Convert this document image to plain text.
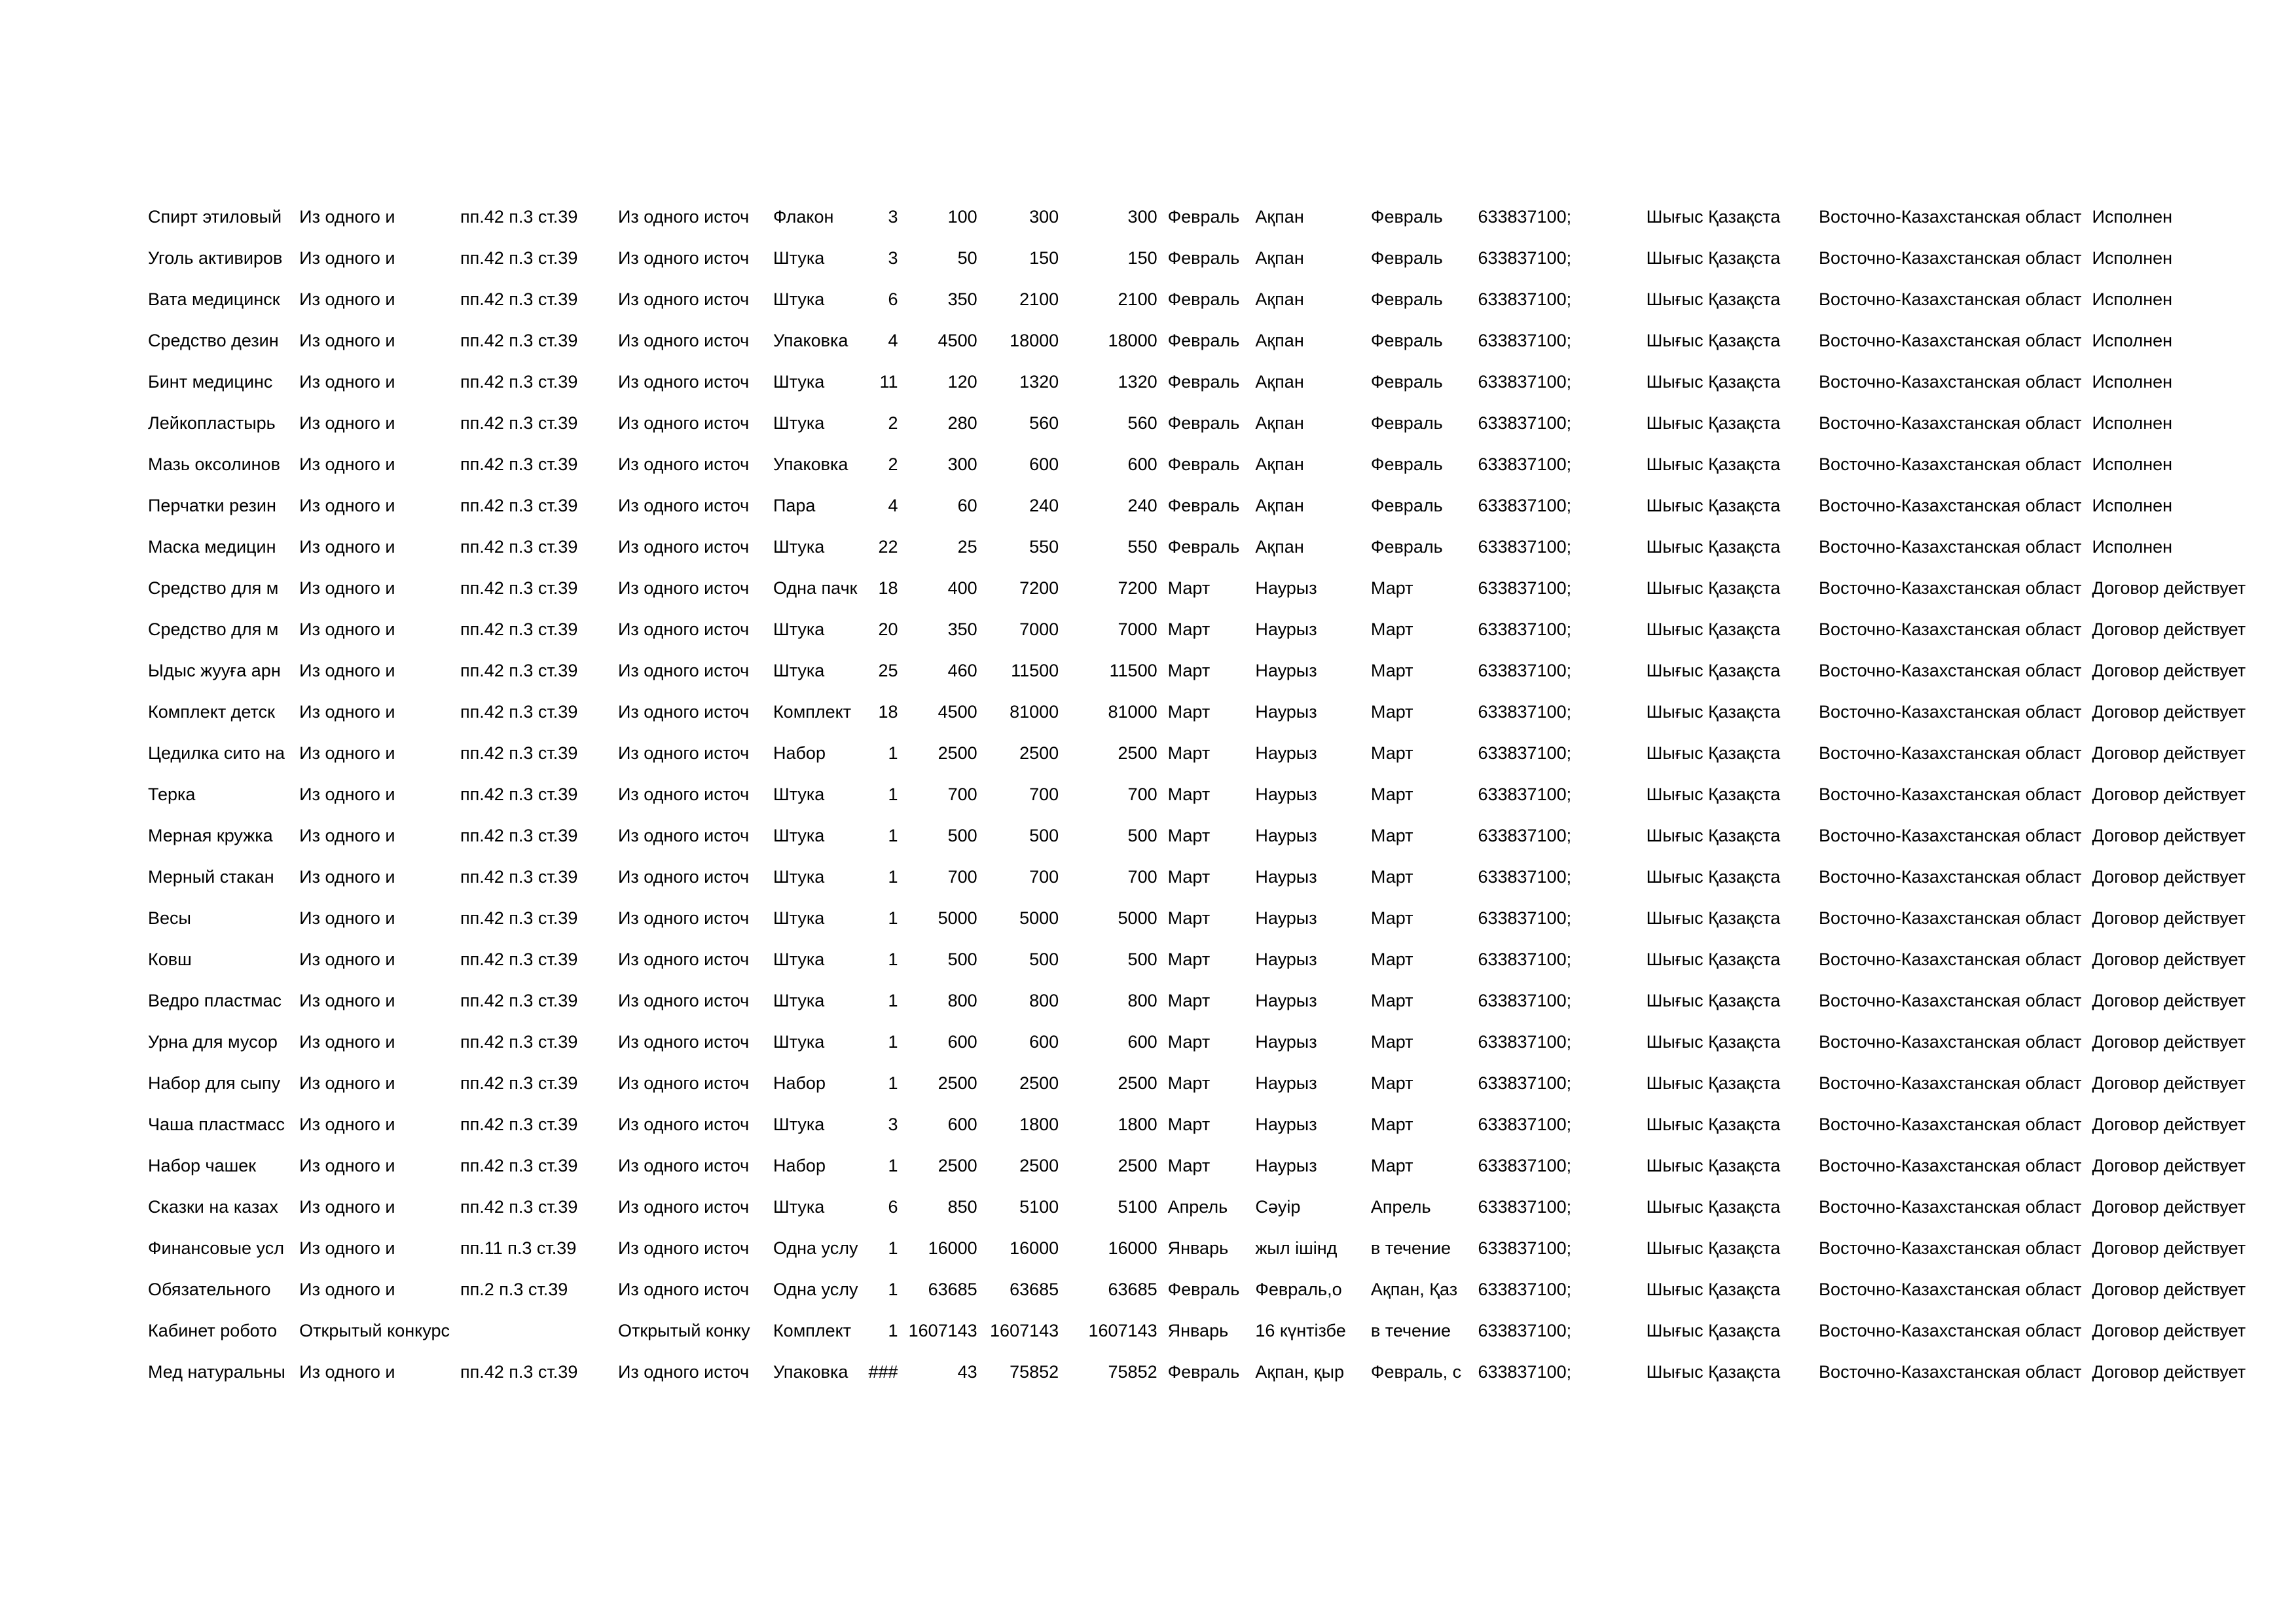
Спирт этиловый	Из одного и	пп.42 п.3 ст.39	Из одного источ	Флакон	3	100	300	300	Февраль	Ақпан	Февраль	633837100;		Шығыс Қазақста	Восточно-Казахстанская област	Исполнен
Уголь активиров	Из одного и	пп.42 п.3 ст.39	Из одного источ	Штука	3	50	150	150	Февраль	Ақпан	Февраль	633837100;		Шығыс Қазақста	Восточно-Казахстанская област	Исполнен
Вата медицинск	Из одного и	пп.42 п.3 ст.39	Из одного источ	Штука	6	350	2100	2100	Февраль	Ақпан	Февраль	633837100;		Шығыс Қазақста	Восточно-Казахстанская област	Исполнен
Средство дезин	Из одного и	пп.42 п.3 ст.39	Из одного источ	Упаковка	4	4500	18000	18000	Февраль	Ақпан	Февраль	633837100;		Шығыс Қазақста	Восточно-Казахстанская област	Исполнен
Бинт медицинс	Из одного и	пп.42 п.3 ст.39	Из одного источ	Штука	11	120	1320	1320	Февраль	Ақпан	Февраль	633837100;		Шығыс Қазақста	Восточно-Казахстанская област	Исполнен
Лейкопластырь	Из одного и	пп.42 п.3 ст.39	Из одного источ	Штука	2	280	560	560	Февраль	Ақпан	Февраль	633837100;		Шығыс Қазақста	Восточно-Казахстанская област	Исполнен
Мазь оксолинов	Из одного и	пп.42 п.3 ст.39	Из одного источ	Упаковка	2	300	600	600	Февраль	Ақпан	Февраль	633837100;		Шығыс Қазақста	Восточно-Казахстанская област	Исполнен
Перчатки резин	Из одного и	пп.42 п.3 ст.39	Из одного источ	Пара	4	60	240	240	Февраль	Ақпан	Февраль	633837100;		Шығыс Қазақста	Восточно-Казахстанская област	Исполнен
Маска медицин	Из одного и	пп.42 п.3 ст.39	Из одного источ	Штука	22	25	550	550	Февраль	Ақпан	Февраль	633837100;		Шығыс Қазақста	Восточно-Казахстанская област	Исполнен
Средство для м	Из одного и	пп.42 п.3 ст.39	Из одного источ	Одна пачк	18	400	7200	7200	Март	Наурыз	Март	633837100;		Шығыс Қазақста	Восточно-Казахстанская област	Договор действует
Средство для м	Из одного и	пп.42 п.3 ст.39	Из одного источ	Штука	20	350	7000	7000	Март	Наурыз	Март	633837100;		Шығыс Қазақста	Восточно-Казахстанская област	Договор действует
Ыдыс жууға арн	Из одного и	пп.42 п.3 ст.39	Из одного источ	Штука	25	460	11500	11500	Март	Наурыз	Март	633837100;		Шығыс Қазақста	Восточно-Казахстанская област	Договор действует
Комплект детск	Из одного и	пп.42 п.3 ст.39	Из одного источ	Комплект	18	4500	81000	81000	Март	Наурыз	Март	633837100;		Шығыс Қазақста	Восточно-Казахстанская област	Договор действует
Цедилка сито на	Из одного и	пп.42 п.3 ст.39	Из одного источ	Набор	1	2500	2500	2500	Март	Наурыз	Март	633837100;		Шығыс Қазақста	Восточно-Казахстанская област	Договор действует
Терка	Из одного и	пп.42 п.3 ст.39	Из одного источ	Штука	1	700	700	700	Март	Наурыз	Март	633837100;		Шығыс Қазақста	Восточно-Казахстанская област	Договор действует
Мерная кружка	Из одного и	пп.42 п.3 ст.39	Из одного источ	Штука	1	500	500	500	Март	Наурыз	Март	633837100;		Шығыс Қазақста	Восточно-Казахстанская област	Договор действует
Мерный стакан	Из одного и	пп.42 п.3 ст.39	Из одного источ	Штука	1	700	700	700	Март	Наурыз	Март	633837100;		Шығыс Қазақста	Восточно-Казахстанская област	Договор действует
Весы	Из одного и	пп.42 п.3 ст.39	Из одного источ	Штука	1	5000	5000	5000	Март	Наурыз	Март	633837100;		Шығыс Қазақста	Восточно-Казахстанская област	Договор действует
Ковш	Из одного и	пп.42 п.3 ст.39	Из одного источ	Штука	1	500	500	500	Март	Наурыз	Март	633837100;		Шығыс Қазақста	Восточно-Казахстанская област	Договор действует
Ведро пластмас	Из одного и	пп.42 п.3 ст.39	Из одного источ	Штука	1	800	800	800	Март	Наурыз	Март	633837100;		Шығыс Қазақста	Восточно-Казахстанская област	Договор действует
Урна для мусор	Из одного и	пп.42 п.3 ст.39	Из одного источ	Штука	1	600	600	600	Март	Наурыз	Март	633837100;		Шығыс Қазақста	Восточно-Казахстанская област	Договор действует
Набор для сыпу	Из одного и	пп.42 п.3 ст.39	Из одного источ	Набор	1	2500	2500	2500	Март	Наурыз	Март	633837100;		Шығыс Қазақста	Восточно-Казахстанская област	Договор действует
Чаша пластмасс	Из одного и	пп.42 п.3 ст.39	Из одного источ	Штука	3	600	1800	1800	Март	Наурыз	Март	633837100;		Шығыс Қазақста	Восточно-Казахстанская област	Договор действует
Набор чашек	Из одного и	пп.42 п.3 ст.39	Из одного источ	Набор	1	2500	2500	2500	Март	Наурыз	Март	633837100;		Шығыс Қазақста	Восточно-Казахстанская област	Договор действует
Сказки на казах	Из одного и	пп.42 п.3 ст.39	Из одного источ	Штука	6	850	5100	5100	Апрель	Сәуір	Апрель	633837100;		Шығыс Қазақста	Восточно-Казахстанская област	Договор действует
Финансовые усл	Из одного и	пп.11 п.3 ст.39	Из одного источ	Одна услу	1	16000	16000	16000	Январь	жыл ішінд	в течение	633837100;		Шығыс Қазақста	Восточно-Казахстанская област	Договор действует
Обязательного	Из одного и	пп.2 п.3 ст.39	Из одного источ	Одна услу	1	63685	63685	63685	Февраль	Февраль,о	Ақпан, Қаз	633837100;		Шығыс Қазақста	Восточно-Казахстанская област	Договор действует
Кабинет робото	Открытый конкурс		Открытый конку	Комплект	1	1607143	1607143	1607143	Январь	16 күнтізбе	в течение	633837100;		Шығыс Қазақста	Восточно-Казахстанская област	Договор действует
Мед натуральны	Из одного и	пп.42 п.3 ст.39	Из одного источ	Упаковка	###	43	75852	75852	Февраль	Ақпан, қыр	Февраль, с	633837100;		Шығыс Қазақста	Восточно-Казахстанская област	Договор действует
